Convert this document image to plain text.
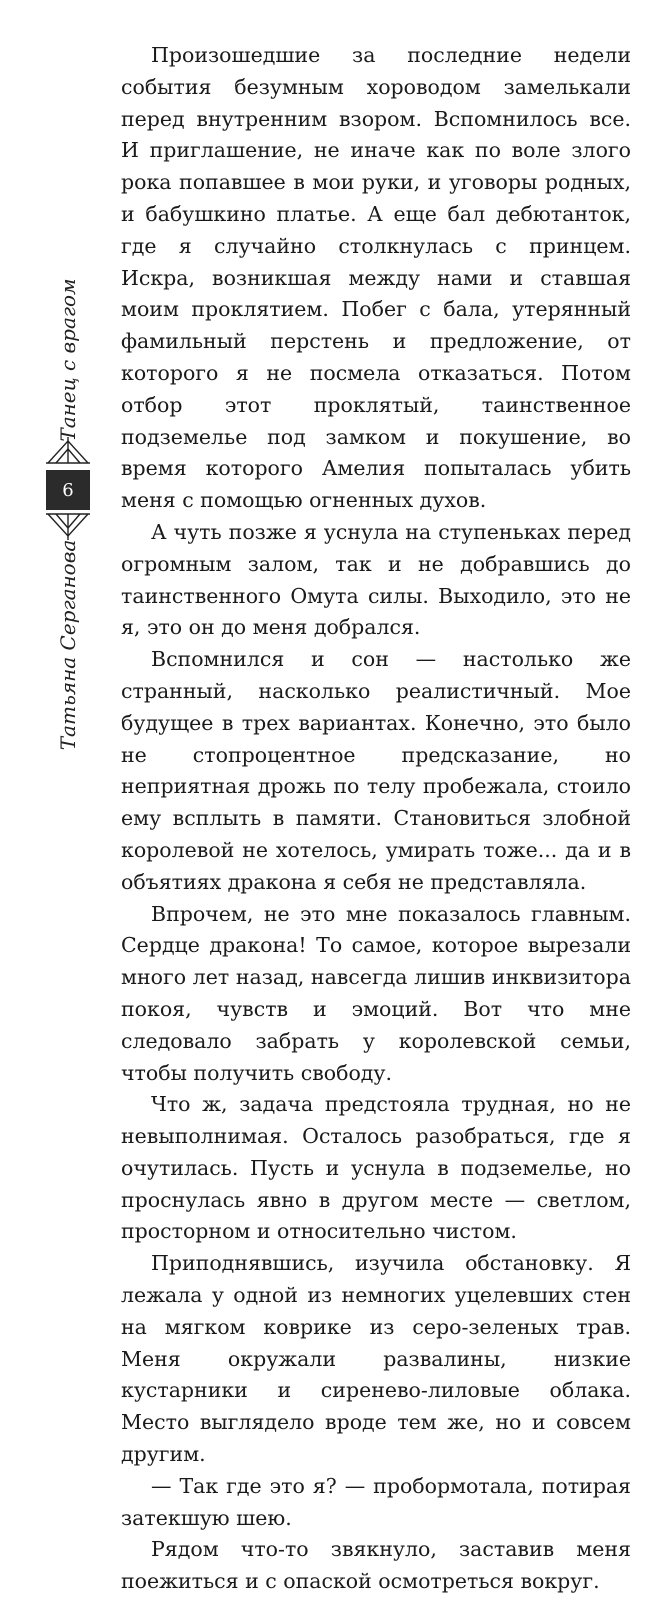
Танец с врагом
6
Татьяна Серганова

Произошедшие за последние недели события безумным хороводом замелькали перед внутренним взором. Вспомнилось все. И приглашение, не иначе как по воле злого рока попавшее в мои руки, и уговоры родных, и бабушкино платье. А еще бал дебютанток, где я случайно столкнулась с принцем. Искра, возникшая между нами и ставшая моим проклятием. Побег с бала, утерянный фамильный перстень и предложение, от которого я не посмела отказаться. Потом отбор этот проклятый, таинственное подземелье под замком и покушение, во время которого Амелия попыталась убить меня с помощью огненных духов.

А чуть позже я уснула на ступеньках перед огромным залом, так и не добравшись до таинственного Омута силы. Выходило, это не я, это он до меня добрался.

Вспомнился и сон — настолько же странный, насколько реалистичный. Мое будущее в трех вариантах. Конечно, это было не стопроцентное предсказание, но неприятная дрожь по телу пробежала, стоило ему всплыть в памяти. Становиться злобной королевой не хотелось, умирать тоже... да и в объятиях дракона я себя не представляла.

Впрочем, не это мне показалось главным. Сердце дракона! То самое, которое вырезали много лет назад, навсегда лишив инквизитора покоя, чувств и эмоций. Вот что мне следовало забрать у королевской семьи, чтобы получить свободу.

Что ж, задача предстояла трудная, но не невыполнимая. Осталось разобраться, где я очутилась. Пусть и уснула в подземелье, но проснулась явно в другом месте — светлом, просторном и относительно чистом.

Приподнявшись, изучила обстановку. Я лежала у одной из немногих уцелевших стен на мягком коврике из серо-зеленых трав. Меня окружали развалины, низкие кустарники и сиренево-лиловые облака. Место выглядело вроде тем же, но и совсем другим.

— Так где это я? — пробормотала, потирая затекшую шею.

Рядом что-то звякнуло, заставив меня поежиться и с опаской осмотреться вокруг.
